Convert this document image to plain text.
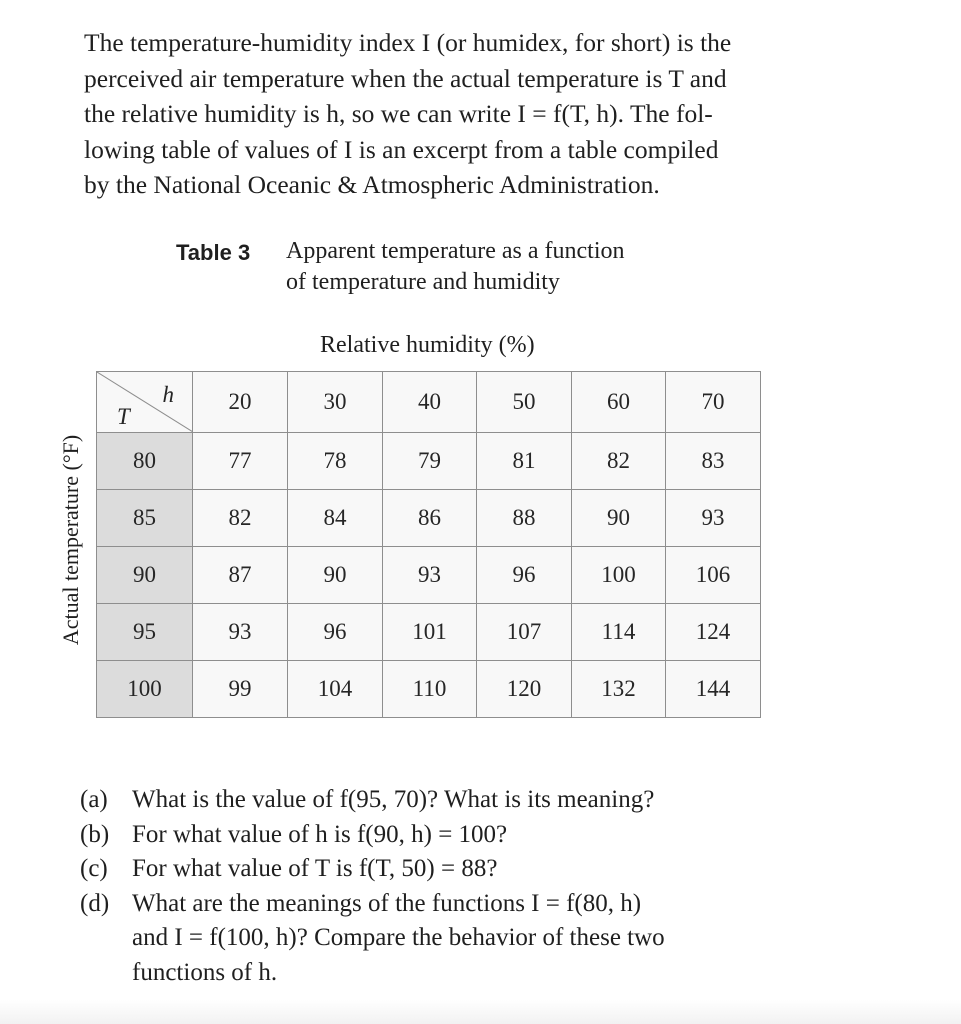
The temperature-humidity index I (or humidex, for short) is the
perceived air temperature when the actual temperature is T and
the relative humidity is h, so we can write I = f(T, h). The fol-
lowing table of values of I is an excerpt from a table compiled
by the National Oceanic & Atmospheric Administration.
Table 3 Apparent temperature as a function
of temperature and humidity
Relative humidity (%)
Actual temperature (°F)
h
T	20	30	40	50	60	70
80	77	78	79	81	82	83
85	82	84	86	88	90	93
90	87	90	93	96	100	106
95	93	96	101	107	114	124
100	99	104	110	120	132	144
(a) What is the value of f(95, 70)? What is its meaning?
(b) For what value of h is f(90, h) = 100?
(c) For what value of T is f(T, 50) = 88?
(d) What are the meanings of the functions I = f(80, h)
and I = f(100, h)? Compare the behavior of these two
functions of h.
